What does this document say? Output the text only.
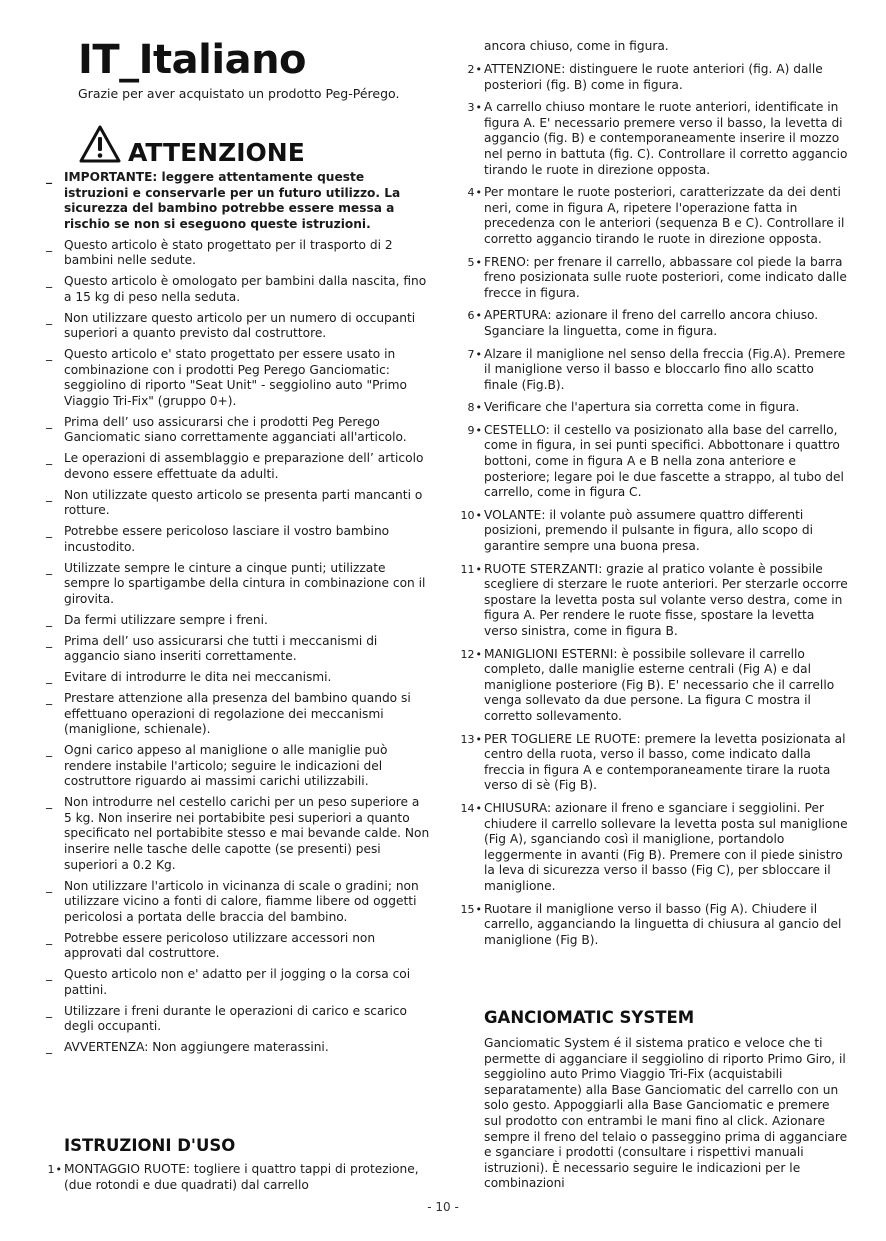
IT_Italiano
Grazie per aver acquistato un prodotto Peg-Pérego.
ATTENZIONE
_ IMPORTANTE: leggere attentamente queste istruzioni e conservarle per un futuro utilizzo. La sicurezza del bambino potrebbe essere messa a rischio se non si eseguono queste istruzioni.
_ Questo articolo è stato progettato per il trasporto di 2 bambini nelle sedute.
_ Questo articolo è omologato per bambini dalla nascita, fino a 15 kg di peso nella seduta.
_ Non utilizzare questo articolo per un numero di occupanti superiori a quanto previsto dal costruttore.
_ Questo articolo e' stato progettato per essere usato in combinazione con i prodotti Peg Perego Ganciomatic: seggiolino di riporto "Seat Unit" - seggiolino auto "Primo Viaggio Tri-Fix" (gruppo 0+).
_ Prima dell’ uso assicurarsi che i prodotti Peg Perego Ganciomatic siano correttamente agganciati all'articolo.
_ Le operazioni di assemblaggio e preparazione dell’ articolo devono essere effettuate da adulti.
_ Non utilizzate questo articolo se presenta parti mancanti o rotture.
_ Potrebbe essere pericoloso lasciare il vostro bambino incustodito.
_ Utilizzate sempre le cinture a cinque punti; utilizzate sempre lo spartigambe della cintura in combinazione con il girovita.
_ Da fermi utilizzare sempre i freni.
_ Prima dell’ uso assicurarsi che tutti i meccanismi di aggancio siano inseriti correttamente.
_ Evitare di introdurre le dita nei meccanismi.
_ Prestare attenzione alla presenza del bambino quando si effettuano operazioni di regolazione dei meccanismi (maniglione, schienale).
_ Ogni carico appeso al maniglione o alle maniglie può rendere instabile l'articolo; seguire le indicazioni del costruttore riguardo ai massimi carichi utilizzabili.
_ Non introdurre nel cestello carichi per un peso superiore a 5 kg. Non inserire nei portabibite pesi superiori a quanto specificato nel portabibite stesso e mai bevande calde. Non inserire nelle tasche delle capotte (se presenti) pesi superiori a 0.2 Kg.
_ Non utilizzare l'articolo in vicinanza di scale o gradini; non utilizzare vicino a fonti di calore, fiamme libere od oggetti pericolosi a portata delle braccia del bambino.
_ Potrebbe essere pericoloso utilizzare accessori non approvati dal costruttore.
_ Questo articolo non e' adatto per il jogging o la corsa coi pattini.
_ Utilizzare i freni durante le operazioni di carico e scarico degli occupanti.
_ AVVERTENZA: Non aggiungere materassini.
ISTRUZIONI D'USO
1 • MONTAGGIO RUOTE: togliere i quattro tappi di protezione, (due rotondi e due quadrati) dal carrello
ancora chiuso, come in figura.
2 • ATTENZIONE: distinguere le ruote anteriori (fig. A) dalle posteriori (fig. B) come in figura.
3 • A carrello chiuso montare le ruote anteriori, identificate in figura A. E' necessario premere verso il basso, la levetta di aggancio (fig. B) e contemporaneamente inserire il mozzo nel perno in battuta (fig. C). Controllare il corretto aggancio tirando le ruote in direzione opposta.
4 • Per montare le ruote posteriori, caratterizzate da dei denti neri, come in figura A, ripetere l'operazione fatta in precedenza con le anteriori (sequenza B e C). Controllare il corretto aggancio tirando le ruote in direzione opposta.
5 • FRENO: per frenare il carrello, abbassare col piede la barra freno posizionata sulle ruote posteriori, come indicato dalle frecce in figura.
6 • APERTURA: azionare il freno del carrello ancora chiuso. Sganciare la linguetta, come in figura.
7 • Alzare il maniglione nel senso della freccia (Fig.A). Premere il maniglione verso il basso e bloccarlo fino allo scatto finale (Fig.B).
8 • Verificare che l'apertura sia corretta come in figura.
9 • CESTELLO: il cestello va posizionato alla base del carrello, come in figura, in sei punti specifici. Abbottonare i quattro bottoni, come in figura A e B nella zona anteriore e posteriore; legare poi le due fascette a strappo, al tubo del carrello, come in figura C.
10 • VOLANTE: il volante può assumere quattro differenti posizioni, premendo il pulsante in figura, allo scopo di garantire sempre una buona presa.
11 • RUOTE STERZANTI: grazie al pratico volante è possibile scegliere di sterzare le ruote anteriori. Per sterzarle occorre spostare la levetta posta sul volante verso destra, come in figura A. Per rendere le ruote fisse, spostare la levetta verso sinistra, come in figura B.
12 • MANIGLIONI ESTERNI: è possibile sollevare il carrello completo, dalle maniglie esterne centrali (Fig A) e dal maniglione posteriore (Fig B). E' necessario che il carrello venga sollevato da due persone. La figura C mostra il corretto sollevamento.
13 • PER TOGLIERE LE RUOTE: premere la levetta posizionata al centro della ruota, verso il basso, come indicato dalla freccia in figura A e contemporaneamente tirare la ruota verso di sè (Fig B).
14 • CHIUSURA: azionare il freno e sganciare i seggiolini. Per chiudere il carrello sollevare la levetta posta sul maniglione (Fig A), sganciando così il maniglione, portandolo leggermente in avanti (Fig B). Premere con il piede sinistro la leva di sicurezza verso il basso (Fig C), per sbloccare il maniglione.
15 • Ruotare il maniglione verso il basso (Fig A). Chiudere il carrello, agganciando la linguetta di chiusura al gancio del maniglione (Fig B).
GANCIOMATIC SYSTEM
Ganciomatic System é il sistema pratico e veloce che ti permette di agganciare il seggiolino di riporto Primo Giro, il seggiolino auto Primo Viaggio Tri-Fix (acquistabili separatamente) alla Base Ganciomatic del carrello con un solo gesto. Appoggiarli alla Base Ganciomatic e premere sul prodotto con entrambi le mani fino al click. Azionare sempre il freno del telaio o passeggino prima di agganciare e sganciare i prodotti (consultare i rispettivi manuali istruzioni). È necessario seguire le indicazioni per le combinazioni
- 10 -
